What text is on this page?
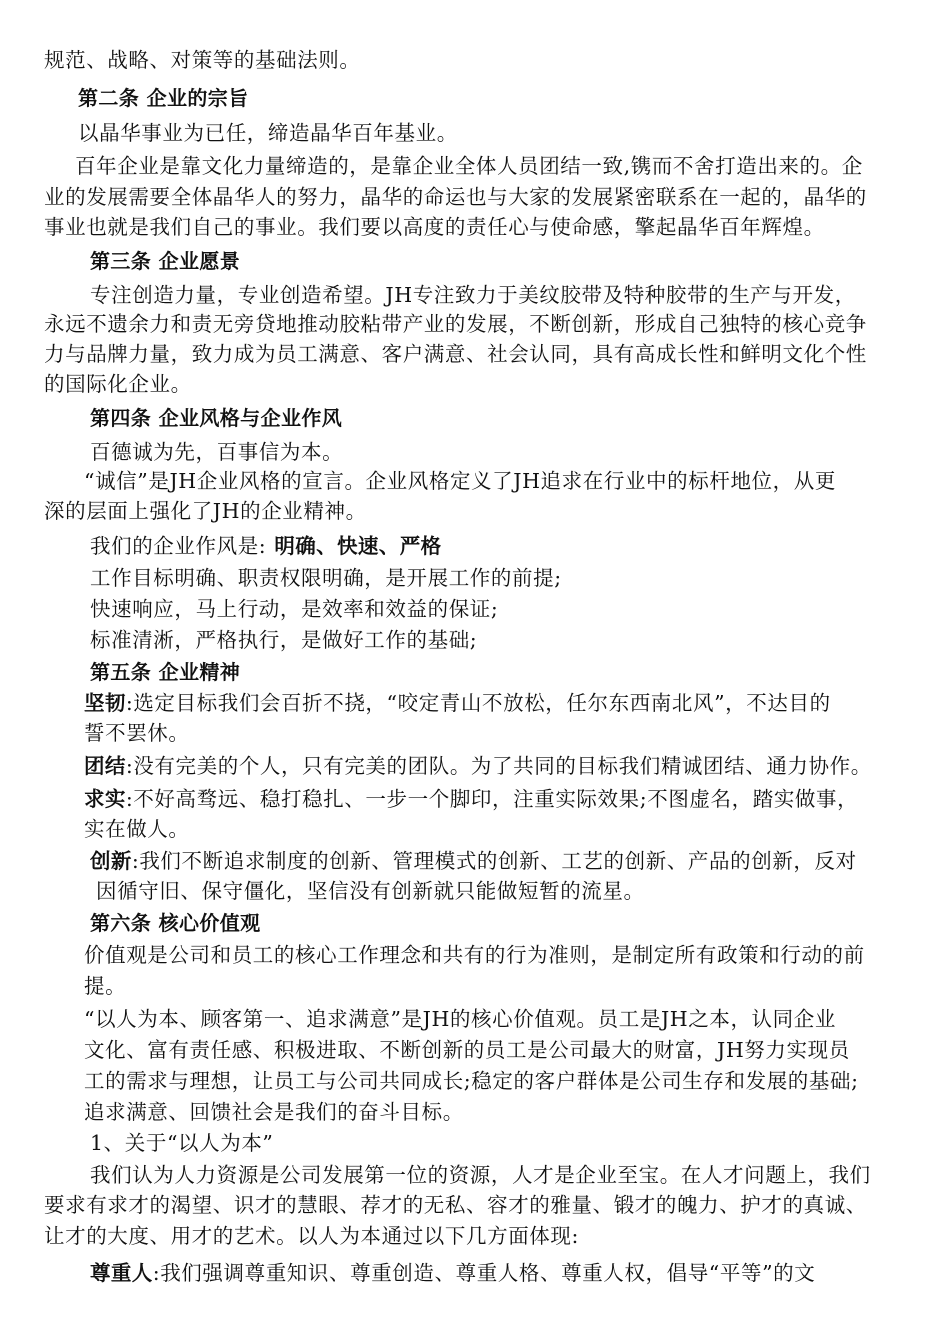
规范、战略、对策等的基础法则。
第二条 企业的宗旨
以晶华事业为已任，缔造晶华百年基业。
百年企业是靠文化力量缔造的，是靠企业全体人员团结一致,镌而不舍打造出来的。企
业的发展需要全体晶华人的努力，晶华的命运也与大家的发展紧密联系在一起的，晶华的
事业也就是我们自己的事业。我们要以高度的责任心与使命感，擎起晶华百年辉煌。
第三条 企业愿景
专注创造力量，专业创造希望。JH专注致力于美纹胶带及特种胶带的生产与开发，
永远不遗余力和责无旁贷地推动胶粘带产业的发展，不断创新，形成自己独特的核心竞争
力与品牌力量，致力成为员工满意、客户满意、社会认同，具有高成长性和鲜明文化个性
的国际化企业。
第四条 企业风格与企业作风
百德诚为先，百事信为本。
“诚信”是JH企业风格的宣言。企业风格定义了JH追求在行业中的标杆地位，从更
深的层面上强化了JH的企业精神。
我们的企业作风是: 明确、快速、严格
工作目标明确、职责权限明确，是开展工作的前提;
快速响应，马上行动，是效率和效益的保证;
标准清淅，严格执行，是做好工作的基础;
第五条 企业精神
坚韧:选定目标我们会百折不挠，“咬定青山不放松，任尔东西南北风”，不达目的
誓不罢休。
团结:没有完美的个人，只有完美的团队。为了共同的目标我们精诚团结、通力协作。
求实:不好高骛远、稳打稳扎、一步一个脚印，注重实际效果;不图虚名，踏实做事，
实在做人。
创新:我们不断追求制度的创新、管理模式的创新、工艺的创新、产品的创新，反对
因循守旧、保守僵化，坚信没有创新就只能做短暂的流星。
第六条 核心价值观
价值观是公司和员工的核心工作理念和共有的行为准则，是制定所有政策和行动的前
提。
“以人为本、顾客第一、追求满意”是JH的核心价值观。员工是JH之本，认同企业
文化、富有责任感、积极进取、不断创新的员工是公司最大的财富，JH努力实现员
工的需求与理想，让员工与公司共同成长;稳定的客户群体是公司生存和发展的基础;
追求满意、回馈社会是我们的奋斗目标。
1、关于“以人为本”
我们认为人力资源是公司发展第一位的资源，人才是企业至宝。在人才问题上，我们
要求有求才的渴望、识才的慧眼、荐才的无私、容才的雅量、锻才的魄力、护才的真诚、
让才的大度、用才的艺术。以人为本通过以下几方面体现:
尊重人:我们强调尊重知识、尊重创造、尊重人格、尊重人权，倡导“平等”的文
